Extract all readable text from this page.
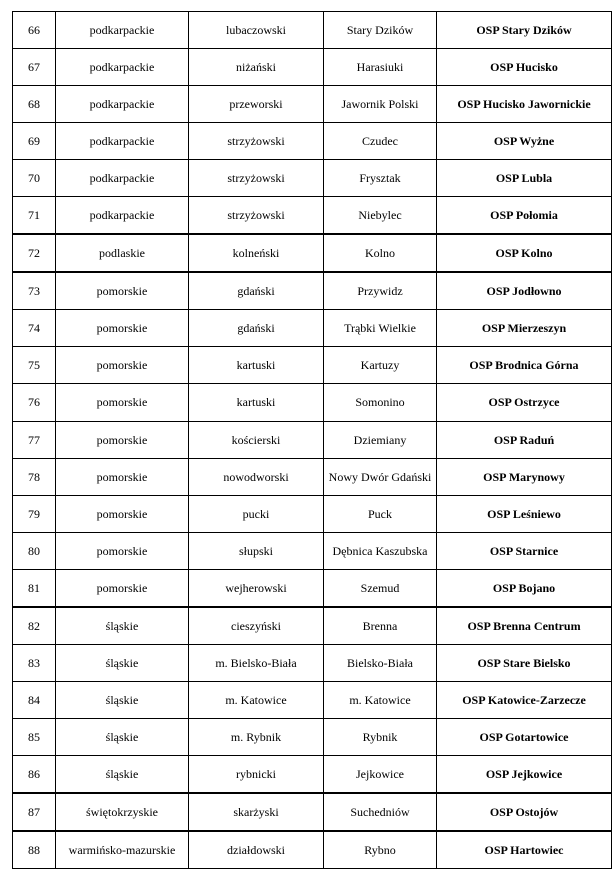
66	podkarpackie	lubaczowski	Stary Dzików	OSP Stary Dzików
67	podkarpackie	niżański	Harasiuki	OSP Hucisko
68	podkarpackie	przeworski	Jawornik Polski	OSP Hucisko Jawornickie
69	podkarpackie	strzyżowski	Czudec	OSP Wyżne
70	podkarpackie	strzyżowski	Frysztak	OSP Lubla
71	podkarpackie	strzyżowski	Niebylec	OSP Połomia
72	podlaskie	kolneński	Kolno	OSP Kolno
73	pomorskie	gdański	Przywidz	OSP Jodłowno
74	pomorskie	gdański	Trąbki Wielkie	OSP Mierzeszyn
75	pomorskie	kartuski	Kartuzy	OSP Brodnica Górna
76	pomorskie	kartuski	Somonino	OSP Ostrzyce
77	pomorskie	kościerski	Dziemiany	OSP Raduń
78	pomorskie	nowodworski	Nowy Dwór Gdański	OSP Marynowy
79	pomorskie	pucki	Puck	OSP Leśniewo
80	pomorskie	słupski	Dębnica Kaszubska	OSP Starnice
81	pomorskie	wejherowski	Szemud	OSP Bojano
82	śląskie	cieszyński	Brenna	OSP Brenna Centrum
83	śląskie	m. Bielsko-Biała	Bielsko-Biała	OSP Stare Bielsko
84	śląskie	m. Katowice	m. Katowice	OSP Katowice-Zarzecze
85	śląskie	m. Rybnik	Rybnik	OSP Gotartowice
86	śląskie	rybnicki	Jejkowice	OSP Jejkowice
87	świętokrzyskie	skarżyski	Suchedniów	OSP Ostojów
88	warmińsko-mazurskie	działdowski	Rybno	OSP Hartowiec
